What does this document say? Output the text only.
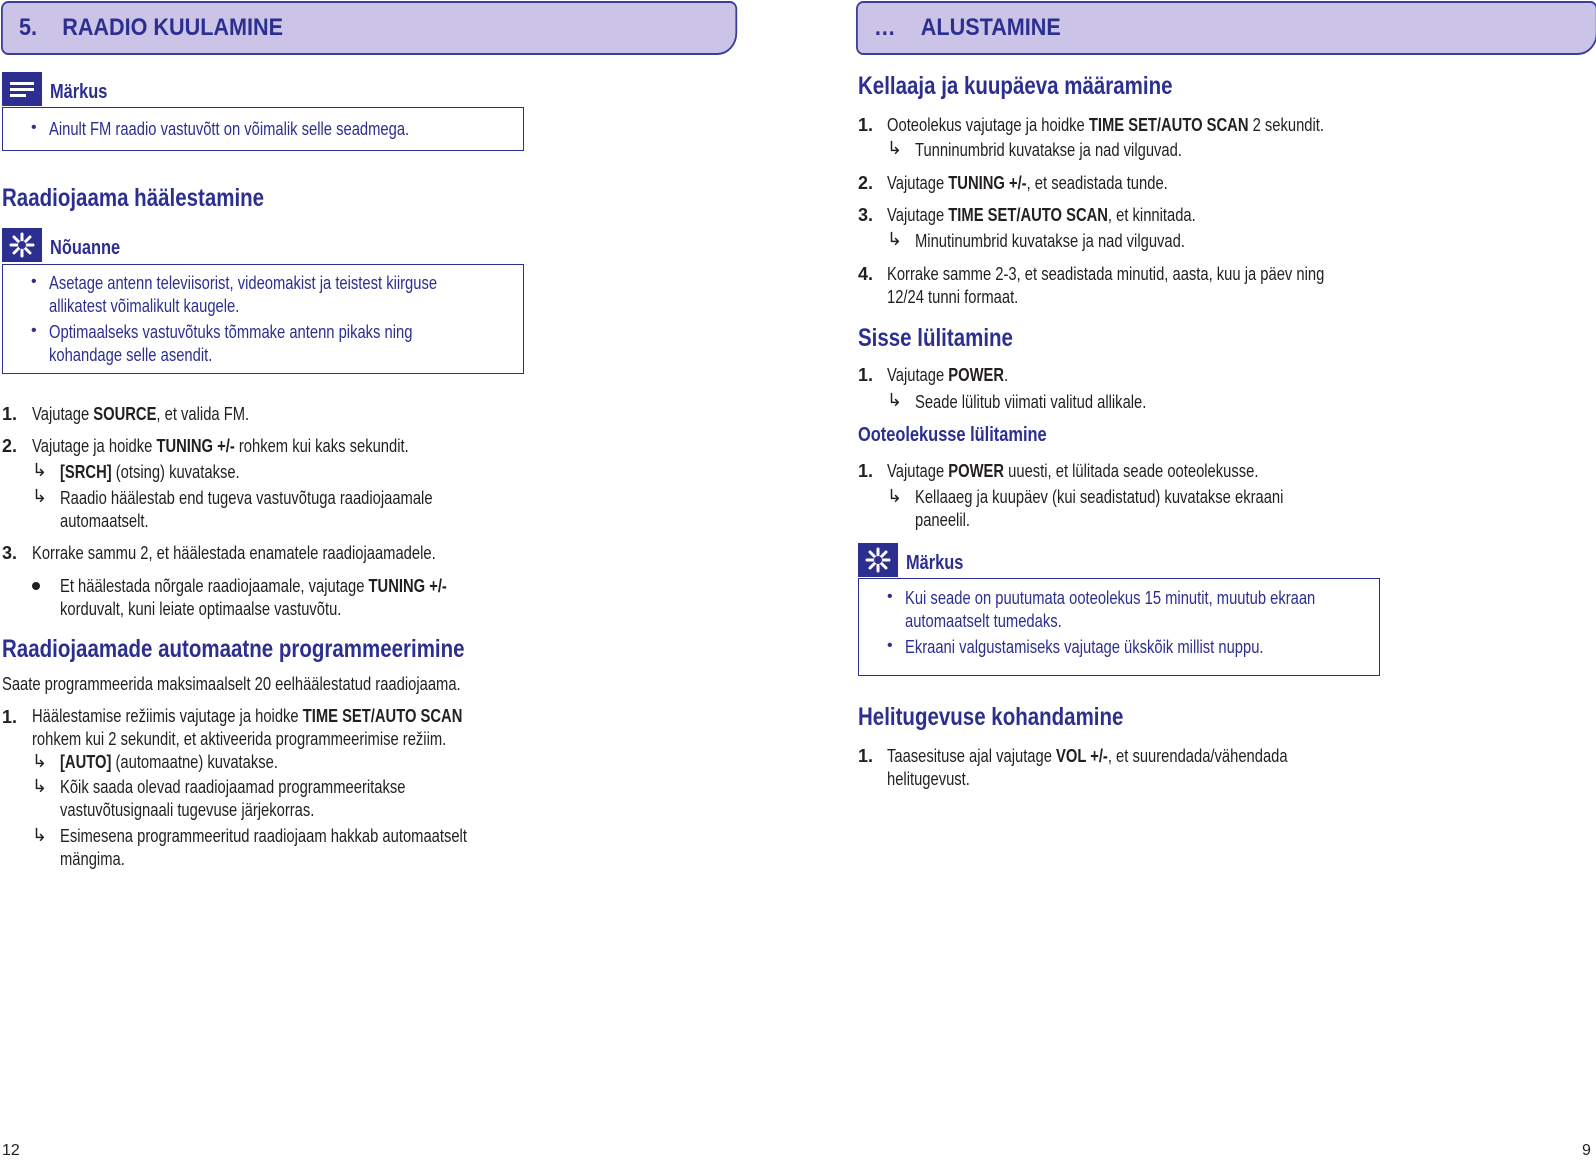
5. RAADIO KUULAMINE
Märkus
• Ainult FM raadio vastuvõtt on võimalik selle seadmega.
Raadiojaama häälestamine
Nõuanne
• Asetage antenn televiisorist, videomakist ja teistest kiirguse
allikatest võimalikult kaugele.
• Optimaalseks vastuvõtuks tõmmake antenn pikaks ning
kohandage selle asendit.
1. Vajutage SOURCE, et valida FM.
2. Vajutage ja hoidke TUNING +/- rohkem kui kaks sekundit.
↳ [SRCH] (otsing) kuvatakse.
↳ Raadio häälestab end tugeva vastuvõtuga raadiojaamale
automaatselt.
3. Korrake sammu 2, et häälestada enamatele raadiojaamadele.
Et häälestada nõrgale raadiojaamale, vajutage TUNING +/-
korduvalt, kuni leiate optimaalse vastuvõtu.
Raadiojaamade automaatne programmeerimine
Saate programmeerida maksimaalselt 20 eelhäälestatud raadiojaama.
1. Häälestamise režiimis vajutage ja hoidke TIME SET/AUTO SCAN
rohkem kui 2 sekundit, et aktiveerida programmeerimise režiim.
↳ [AUTO] (automaatne) kuvatakse.
↳ Kõik saada olevad raadiojaamad programmeeritakse
vastuvõtusignaali tugevuse järjekorras.
↳ Esimesena programmeeritud raadiojaam hakkab automaatselt
mängima.
12
… ALUSTAMINE
Kellaaja ja kuupäeva määramine
1. Ooteolekus vajutage ja hoidke TIME SET/AUTO SCAN 2 sekundit.
↳ Tunninumbrid kuvatakse ja nad vilguvad.
2. Vajutage TUNING +/-, et seadistada tunde.
3. Vajutage TIME SET/AUTO SCAN, et kinnitada.
↳ Minutinumbrid kuvatakse ja nad vilguvad.
4. Korrake samme 2-3, et seadistada minutid, aasta, kuu ja päev ning
12/24 tunni formaat.
Sisse lülitamine
1. Vajutage POWER.
↳ Seade lülitub viimati valitud allikale.
Ooteolekusse lülitamine
1. Vajutage POWER uuesti, et lülitada seade ooteolekusse.
↳ Kellaaeg ja kuupäev (kui seadistatud) kuvatakse ekraani
paneelil.
Märkus
• Kui seade on puutumata ooteolekus 15 minutit, muutub ekraan
automaatselt tumedaks.
• Ekraani valgustamiseks vajutage ükskõik millist nuppu.
Helitugevuse kohandamine
1. Taasesituse ajal vajutage VOL +/-, et suurendada/vähendada
helitugevust.
9
